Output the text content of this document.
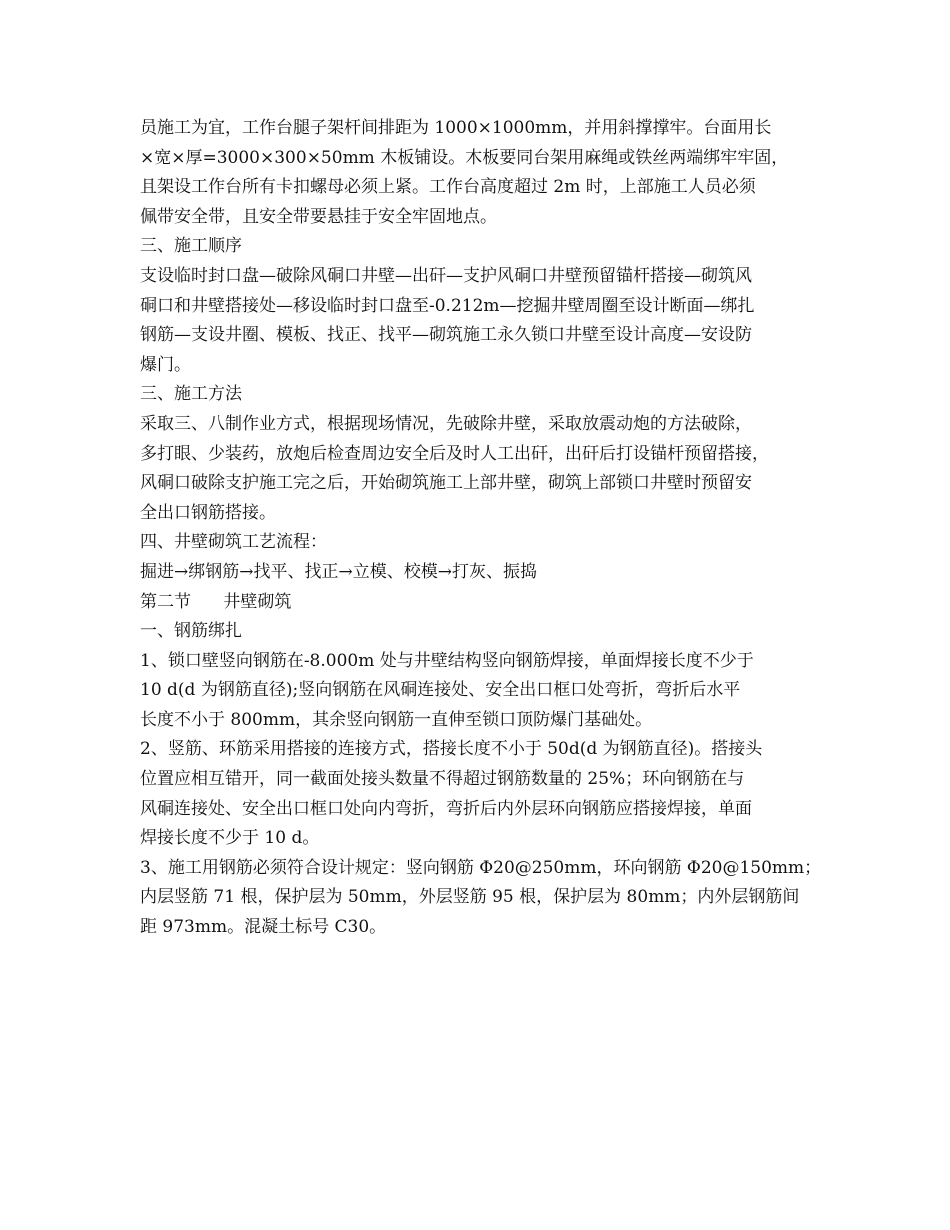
员施工为宜，工作台腿子架杆间排距为 1000×1000mm，并用斜撑撑牢。台面用长
×宽×厚=3000×300×50mm 木板铺设。木板要同台架用麻绳或铁丝两端绑牢牢固，
且架设工作台所有卡扣螺母必须上紧。工作台高度超过 2m 时，上部施工人员必须
佩带安全带，且安全带要悬挂于安全牢固地点。
三、施工顺序
支设临时封口盘—破除风硐口井壁—出矸—支护风硐口井壁预留锚杆搭接—砌筑风
硐口和井壁搭接处—移设临时封口盘至-0.212m—挖掘井壁周圈至设计断面—绑扎
钢筋—支设井圈、模板、找正、找平—砌筑施工永久锁口井壁至设计高度—安设防
爆门。
三、施工方法
采取三、八制作业方式，根据现场情况，先破除井壁，采取放震动炮的方法破除，
多打眼、少装药，放炮后检查周边安全后及时人工出矸，出矸后打设锚杆预留搭接，
风硐口破除支护施工完之后，开始砌筑施工上部井壁，砌筑上部锁口井壁时预留安
全出口钢筋搭接。
四、井壁砌筑工艺流程：
掘进→绑钢筋→找平、找正→立模、校模→打灰、振捣
第二节      井壁砌筑
一、钢筋绑扎
1、锁口壁竖向钢筋在-8.000m 处与井壁结构竖向钢筋焊接，单面焊接长度不少于
10 d(d 为钢筋直径);竖向钢筋在风硐连接处、安全出口框口处弯折，弯折后水平
长度不小于 800mm，其余竖向钢筋一直伸至锁口顶防爆门基础处。
2、竖筋、环筋采用搭接的连接方式，搭接长度不小于 50d(d 为钢筋直径)。搭接头
位置应相互错开，同一截面处接头数量不得超过钢筋数量的 25%；环向钢筋在与
风硐连接处、安全出口框口处向内弯折，弯折后内外层环向钢筋应搭接焊接，单面
焊接长度不少于 10 d。
3、施工用钢筋必须符合设计规定：竖向钢筋 Φ20@250mm，环向钢筋 Φ20@150mm；
内层竖筋 71 根，保护层为 50mm，外层竖筋 95 根，保护层为 80mm；内外层钢筋间
距 973mm。混凝土标号 C30。
